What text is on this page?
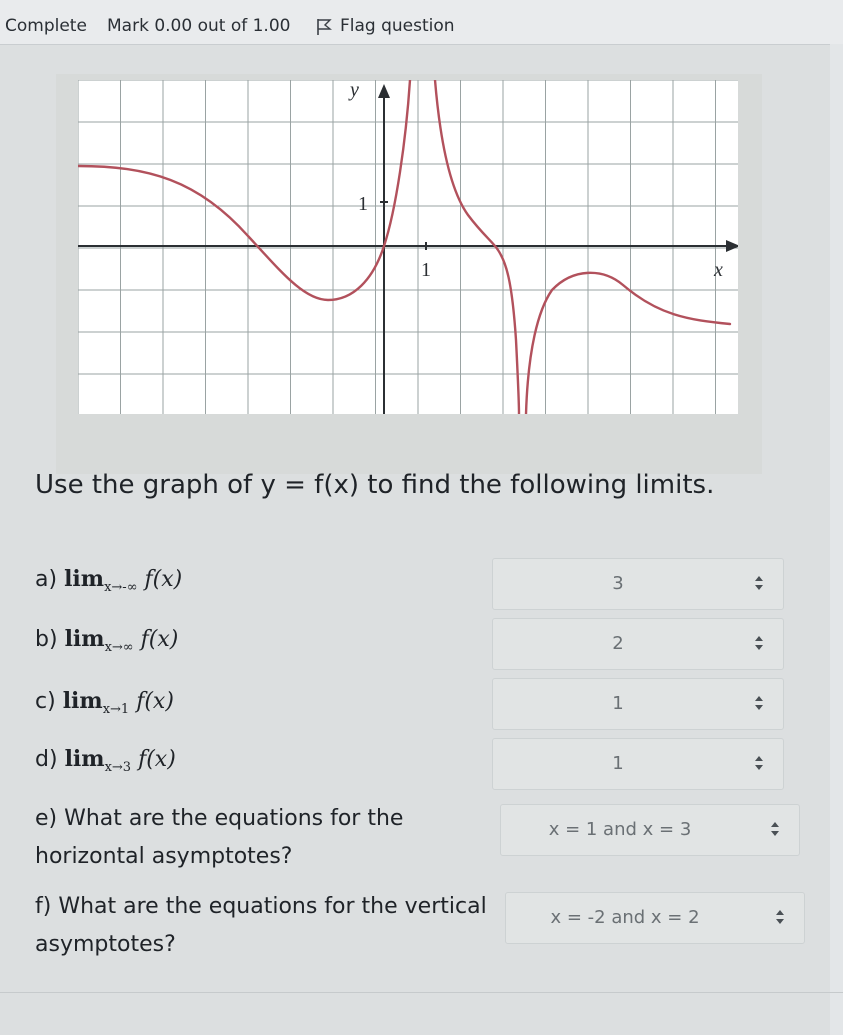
Complete Mark 0.00 out of 1.00	Flag question
y
x
1
1
Use the graph of y = f(x) to find the following limits.
a) $\lim_{x\to-\infty} f(x)$	3
b) $\lim_{x\to\infty} f(x)$	2
c) $\lim_{x\to 1} f(x)$	1
d) $\lim_{x\to 3} f(x)$	1
e) What are the equations for the horizontal asymptotes?
x = 1 and x = 3
f) What are the equations for the vertical asymptotes?
x = -2 and x = 2
